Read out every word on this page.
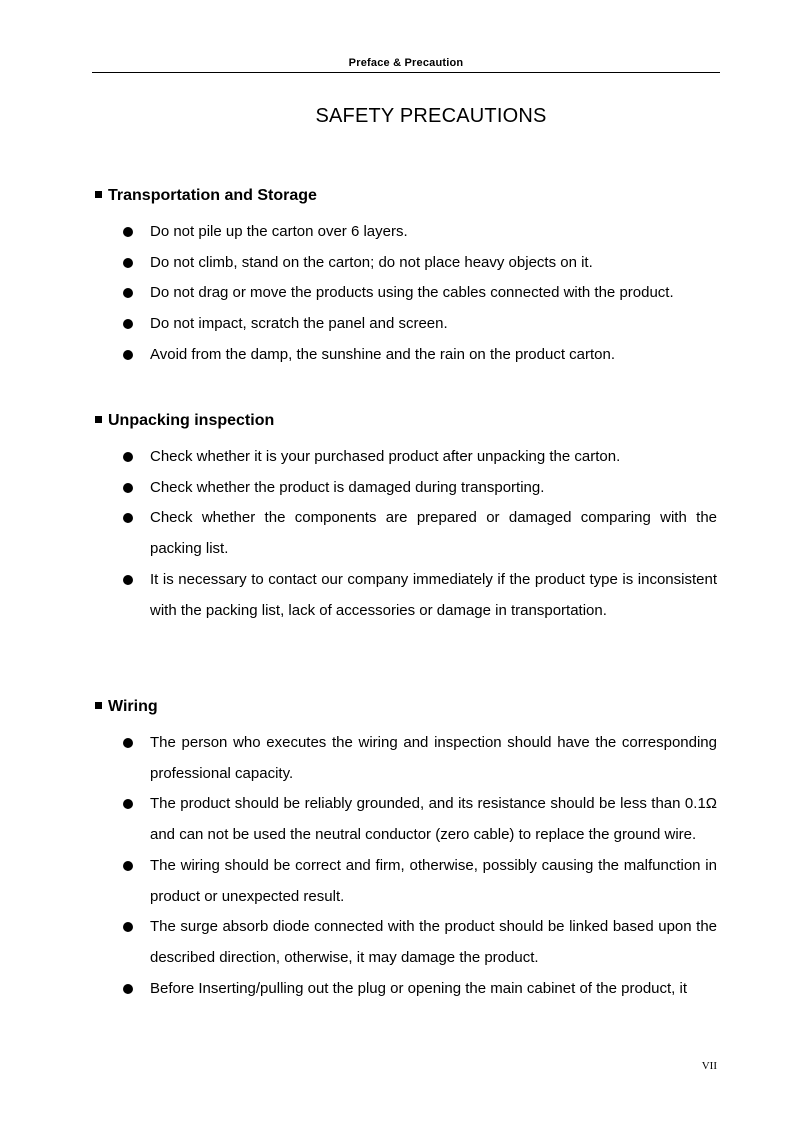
Preface & Precaution
SAFETY PRECAUTIONS

Transportation and Storage

Do not pile up the carton over 6 layers.
Do not climb, stand on the carton; do not place heavy objects on it.
Do not drag or move the products using the cables connected with the product.
Do not impact, scratch the panel and screen.
Avoid from the damp, the sunshine and the rain on the product carton.

Unpacking inspection

Check whether it is your purchased product after unpacking the carton.
Check whether the product is damaged during transporting.
Check whether the components are prepared or damaged comparing with the packing list.
It is necessary to contact our company immediately if the product type is inconsistent with the packing list, lack of accessories or damage in transportation.

Wiring

The person who executes the wiring and inspection should have the corresponding professional capacity.
The product should be reliably grounded, and its resistance should be less than 0.1Ω and can not be used the neutral conductor (zero cable) to replace the ground wire.
The wiring should be correct and firm, otherwise, possibly causing the malfunction in product or unexpected result.
The surge absorb diode connected with the product should be linked based upon the described direction, otherwise, it may damage the product.
Before Inserting/pulling out the plug or opening the main cabinet of the product, it
VII
